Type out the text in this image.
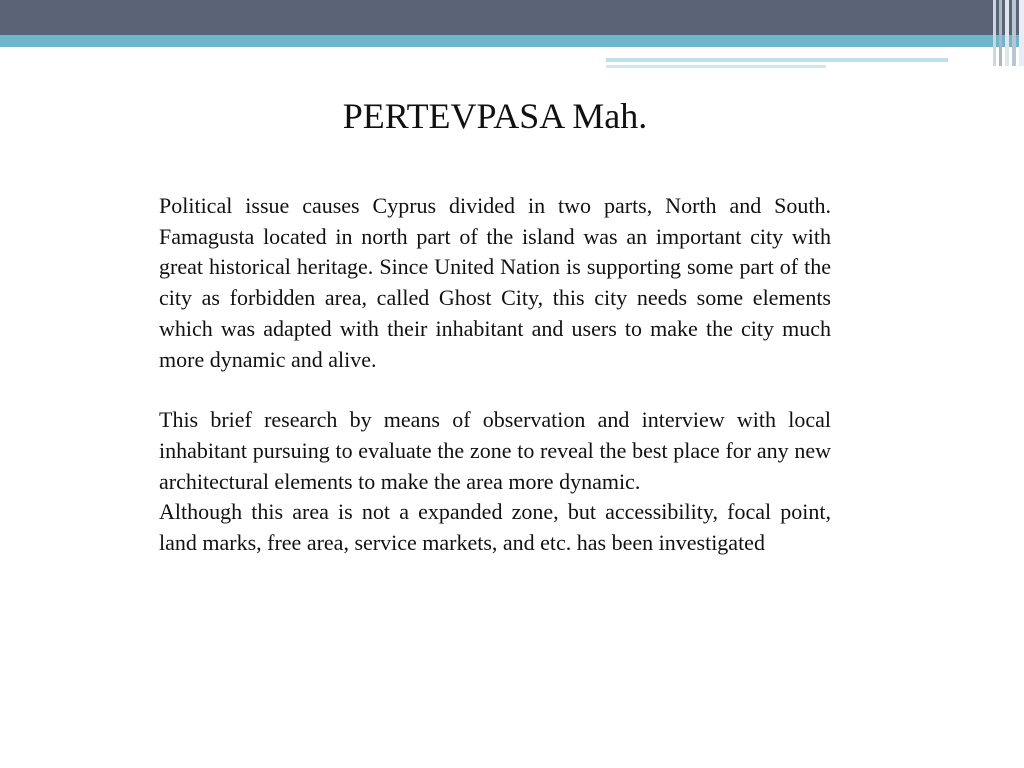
PERTEVPASA Mah.

Political issue causes Cyprus divided in two parts, North and South. Famagusta located in north part of the island was an important city with great historical heritage. Since United Nation is supporting some part of the city as forbidden area, called Ghost City, this city needs some elements which was adapted with their inhabitant and users to make the city much more dynamic and alive.

This brief research by means of observation and interview with local inhabitant pursuing to evaluate the zone to reveal the best place for any new architectural elements to make the area more dynamic.

Although this area is not a expanded zone, but accessibility, focal point, land marks, free area, service markets, and etc. has been investigated
